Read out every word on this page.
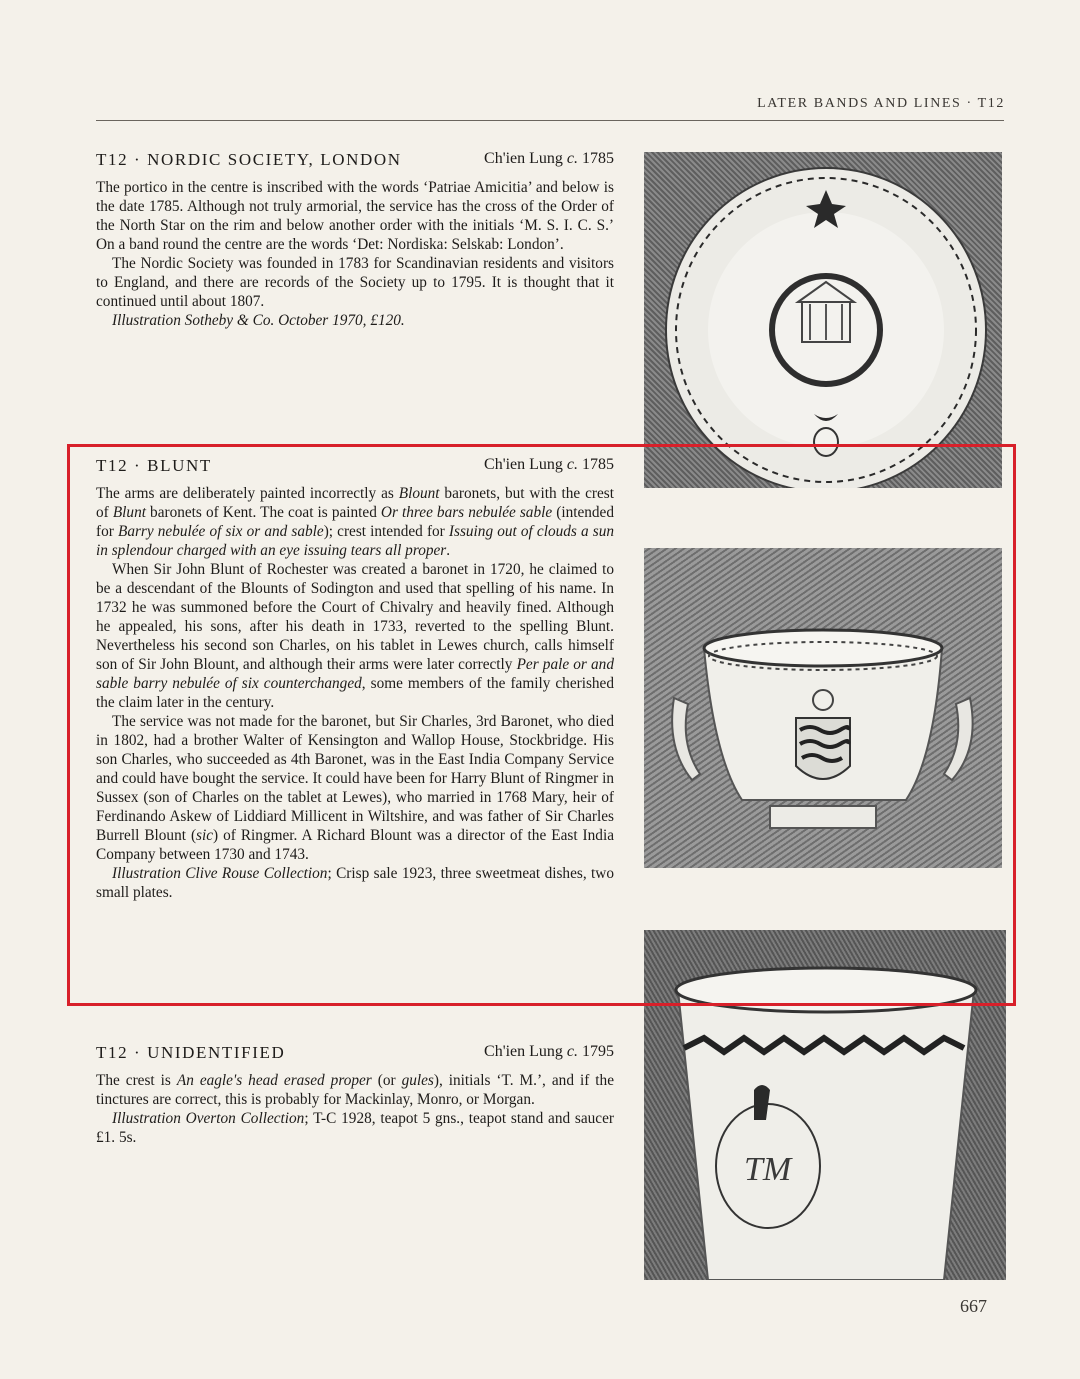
LATER BANDS AND LINES · T12
T12 · NORDIC SOCIETY, LONDON	Ch'ien Lung c. 1785

The portico in the centre is inscribed with the words ‘Patriae Amicitia’ and below is the date 1785. Although not truly armorial, the service has the cross of the Order of the North Star on the rim and below another order with the initials ‘M. S. I. C. S.’ On a band round the centre are the words ‘Det: Nordiska: Selskab: London’.

The Nordic Society was founded in 1783 for Scandinavian residents and visitors to England, and there are records of the Society up to 1795. It is thought that it continued until about 1807.

Illustration Sotheby & Co. October 1970, £120.

T12 · BLUNT	Ch'ien Lung c. 1785

The arms are deliberately painted incorrectly as Blount baronets, but with the crest of Blunt baronets of Kent. The coat is painted Or three bars nebulée sable (intended for Barry nebulée of six or and sable); crest intended for Issuing out of clouds a sun in splendour charged with an eye issuing tears all proper.

When Sir John Blunt of Rochester was created a baronet in 1720, he claimed to be a descendant of the Blounts of Sodington and used that spelling of his name. In 1732 he was summoned before the Court of Chivalry and heavily fined. Although he appealed, his sons, after his death in 1733, reverted to the spelling Blunt. Nevertheless his second son Charles, on his tablet in Lewes church, calls himself son of Sir John Blount, and although their arms were later correctly Per pale or and sable barry nebulée of six counterchanged, some members of the family cherished the claim later in the century.

The service was not made for the baronet, but Sir Charles, 3rd Baronet, who died in 1802, had a brother Walter of Kensington and Wallop House, Stockbridge. His son Charles, who succeeded as 4th Baronet, was in the East India Company Service and could have bought the service. It could have been for Harry Blunt of Ringmer in Sussex (son of Charles on the tablet at Lewes), who married in 1768 Mary, heir of Ferdinando Askew of Liddiard Millicent in Wiltshire, and was father of Sir Charles Burrell Blount (sic) of Ringmer. A Richard Blount was a director of the East India Company between 1730 and 1743.

Illustration Clive Rouse Collection; Crisp sale 1923, three sweetmeat dishes, two small plates.

T12 · UNIDENTIFIED	Ch'ien Lung c. 1795

The crest is An eagle's head erased proper (or gules), initials ‘T. M.’, and if the tinctures are correct, this is probably for Mackinlay, Monro, or Morgan.

Illustration Overton Collection; T-C 1928, teapot 5 gns., teapot stand and saucer £1. 5s.

TM
667
